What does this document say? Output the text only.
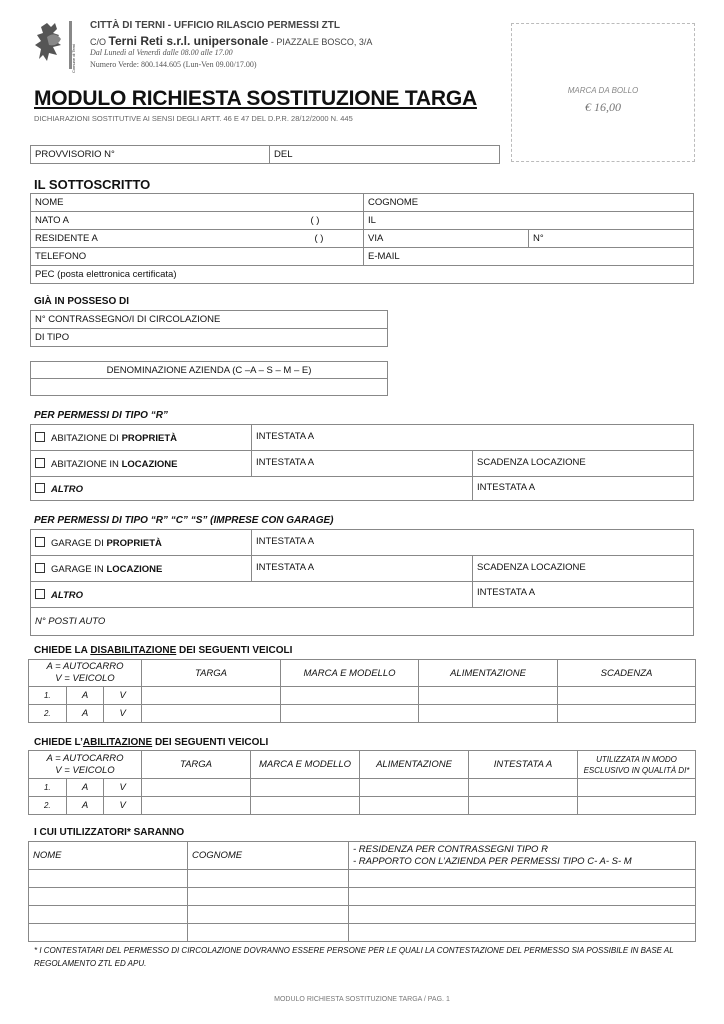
Comune di Terni
CITTÀ DI TERNI - UFFICIO RILASCIO PERMESSI ZTL
C/O Terni Reti s.r.l. unipersonale - PIAZZALE BOSCO, 3/A
Dal Lunedì al Venerdì dalle 08.00 alle 17.00
Numero Verde: 800.144.605 (Lun-Ven 09.00/17.00)
MODULO RICHIESTA SOSTITUZIONE TARGA
DICHIARAZIONI SOSTITUTIVE AI SENSI DEGLI ARTT. 46 E 47 DEL D.P.R. 28/12/2000 N. 445
MARCA DA BOLLO
€ 16,00
PROVVISORIO N°	DEL
IL SOTTOSCRITTO
NOME	COGNOME	
NATO A ( )	IL	
RESIDENTE A ( )	VIA	N°
TELEFONO	E-MAIL	
PEC (posta elettronica certificata)		
GIÀ IN POSSESO DI
N° CONTRASSEGNO/I DI CIRCOLAZIONE
DI TIPO
DENOMINAZIONE AZIENDA (C –A – S – M – E)

PER PERMESSI DI TIPO “R”
ABITAZIONE DI PROPRIETÀ	INTESTATA A	
ABITAZIONE IN LOCAZIONE	INTESTATA A	SCADENZA LOCAZIONE
ALTRO		INTESTATA A
PER PERMESSI DI TIPO “R” “C” “S” (IMPRESE CON GARAGE)
GARAGE DI PROPRIETÀ	INTESTATA A	
GARAGE IN LOCAZIONE	INTESTATA A	SCADENZA LOCAZIONE
ALTRO		INTESTATA A
N° POSTI AUTO		
CHIEDE LA DISABILITAZIONE DEI SEGUENTI VEICOLI
A = AUTOCARRO
V = VEICOLO			TARGA	MARCA E MODELLO	ALIMENTAZIONE	SCADENZA
1.	A	V				
2.	A	V				
CHIEDE L’ABILITAZIONE DEI SEGUENTI VEICOLI
A = AUTOCARRO
V = VEICOLO			TARGA	MARCA E MODELLO	ALIMENTAZIONE	INTESTATA A	UTILIZZATA IN MODO
ESCLUSIVO IN QUALITÀ DI*
1.	A	V					
2.	A	V					
I CUI UTILIZZATORI* SARANNO
NOME	COGNOME	- RESIDENZA PER CONTRASSEGNI TIPO R
- RAPPORTO CON L’AZIENDA PER PERMESSI TIPO C- A- S- M

* I CONTESTATARI DEL PERMESSO DI CIRCOLAZIONE DOVRANNO ESSERE PERSONE PER LE QUALI LA CONTESTAZIONE DEL PERMESSO SIA POSSIBILE IN BASE AL REGOLAMENTO ZTL ED APU.
MODULO RICHIESTA SOSTITUZIONE TARGA / PAG. 1
